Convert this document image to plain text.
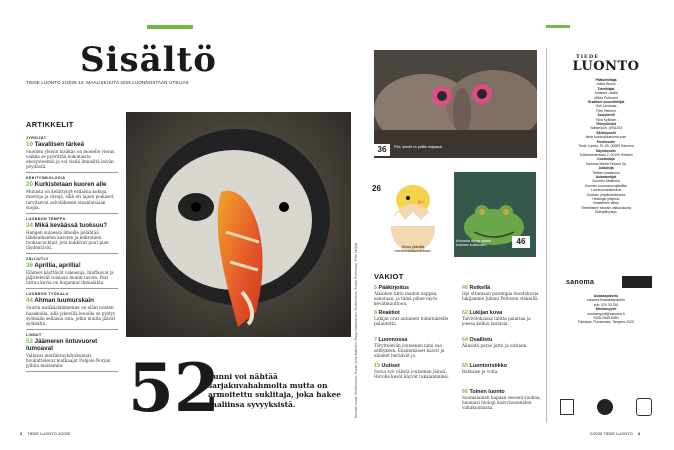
Sisältö
TIEDE LUONTO 2/2025 12. MAALISKUUTA 2025 LUONNOSTAAN UTELIAS
ARTIKKELIT
JYRSIJÄT
10 Tavallisen tärkeä
Suomen yleisin nisäkäs on monelle vieras, vaikka se pyörittää kokonaista ekosysteemiä ja voi viedä ihmisiltä leivän pöydästä.
KEHITYSBIOLOGIA
20 Kurkistetaan kuoren alle
Munista on kehittynyt erilaisia kokoja, muotoja ja värejä, sillä eri lajien poikaset tarvitsevat selvitäkseen omanlaisiaan suojia.
LUONNON TEMPPU
34 Mikä keväässä tuoksuu?
Hangen sulaessa ilmoille pölähtää lähdeaineiden kasvien ja mikrobien tuoksucocktail, jota kukkivat puut pian täydentävät.
ZÄLIJUTLY
36 Aprillia, aprillia!
Eläimet käyttävät valeasuja, bluffaavat ja jäljittelevät toisiaan monin tavoin. Pari tuttua kuvia on huijannut ihmisiäkin.
LUONNON TYÖKALU
44 Ahman luumurskain
Suurin nisäkäslämmenne on eläin toisten haaskoilla, sillä jykevillä leuoilla se pystyy syömään sellaisia osia, jotka muilta jäävät syömättä.
LINNUT
52 Jäämeren lintuvuoret lumoavat
Valtavat merilintuyhdyskunnat houkuttelevat matkaajat Pohjois-Norjan jylhiin maisemiin.	Kansien kuvat: Shutterstock, Kuvat: Juha Mäkinen, Maija Hakkarainen, Shutterstock, Juhani Pettersson, Petri Niittylä
52
Lunni voi nähtää sarjakuvahahmolta mutta on armoitettu suklitaja, joka hakee saaliinsa syvyyksistä.
36	Pöö, silmät on pölliin majassa!
26
Muna ylläntää monimuotoisuudellaan.
Kuivasta täytyy salata kuoman kostuuden.	46
VAKIOT
5 Pääkirjoitus
Aikainen lintu madon nappaa, sanotaan, ja tämä pätee myös kevätmuuttoon.
46 Retkellä
Opi ottamaan parempia luontokuvia lukijamme Juhani Peltosen vinkeillä.
8 Reaktiot
Lukijat ovat antaneet toimitukselle palautetta.
62 Lukijan kuva
Talvivitoksissa talitta palattaa ja joessa kelluu lautasia.
7 Luonnossa
Töryttelevän joutsenen nimi saa selityksen. Ensimmäiset kasvit ja eläimet heräävät jo.
64 Osallistu
Äänestä paras juttu ja uutinen.
19 Uutiset
Sorsa syö välistä joutsenen jäinsä. Hirville kesät käyvät tukalammiksi.
65 Luontoristikko
Ratkaise ja voita.
66 Toinen luonto
Suomalainen kapaan sessoni-ruokaa, huomasi biologi kasvi-huoneiden valtakunnassa.
TIEDE
LUONTO
Päätoimittaja
Jukka Ruuko
Toimittajat
Johanna Juntila
Mikko Puttonen
Graafiset suunnittelijat
Outi Linsimaa
Petri Rekhen
Assistentti
Tiina Kylliinen
Yhteystiedot
Vaihde/puh. (09)1203
Sähköpostit
tiede.luonto@sanoma.com
Postiosoite
Tiede Luonto, PL 69, 00089 Sanoma
Käyntiosoite
Toölönlahdenkatu 2, 00100 Helsinki
Kustantaja
Sanoma Media Finland Oy
Julkaisija
Tieteen kustannus
Asiantuntijat
Suomen Akatemia
Suomen luonnonsuojeluliitto
Luonnonvarakeskus
Suomen ympäristökeskus
Helsingin yliopisto
Ilmatieteen laitos
Tieteellisten seurain valtuuskunta
Eläinpäivystys
sanoma
Asiakaspalvelu
sanoma.fi/asiakaspalvelu
puh. 020 33 330
Mediamyynti
mediamyynti@sanoma.fi
ISSN 2669-8080
Painatus: Punamusta, Tampere 2025
2 TIEDE LUONTO 2/2025	2/2025 TIEDE LUONTO 3
